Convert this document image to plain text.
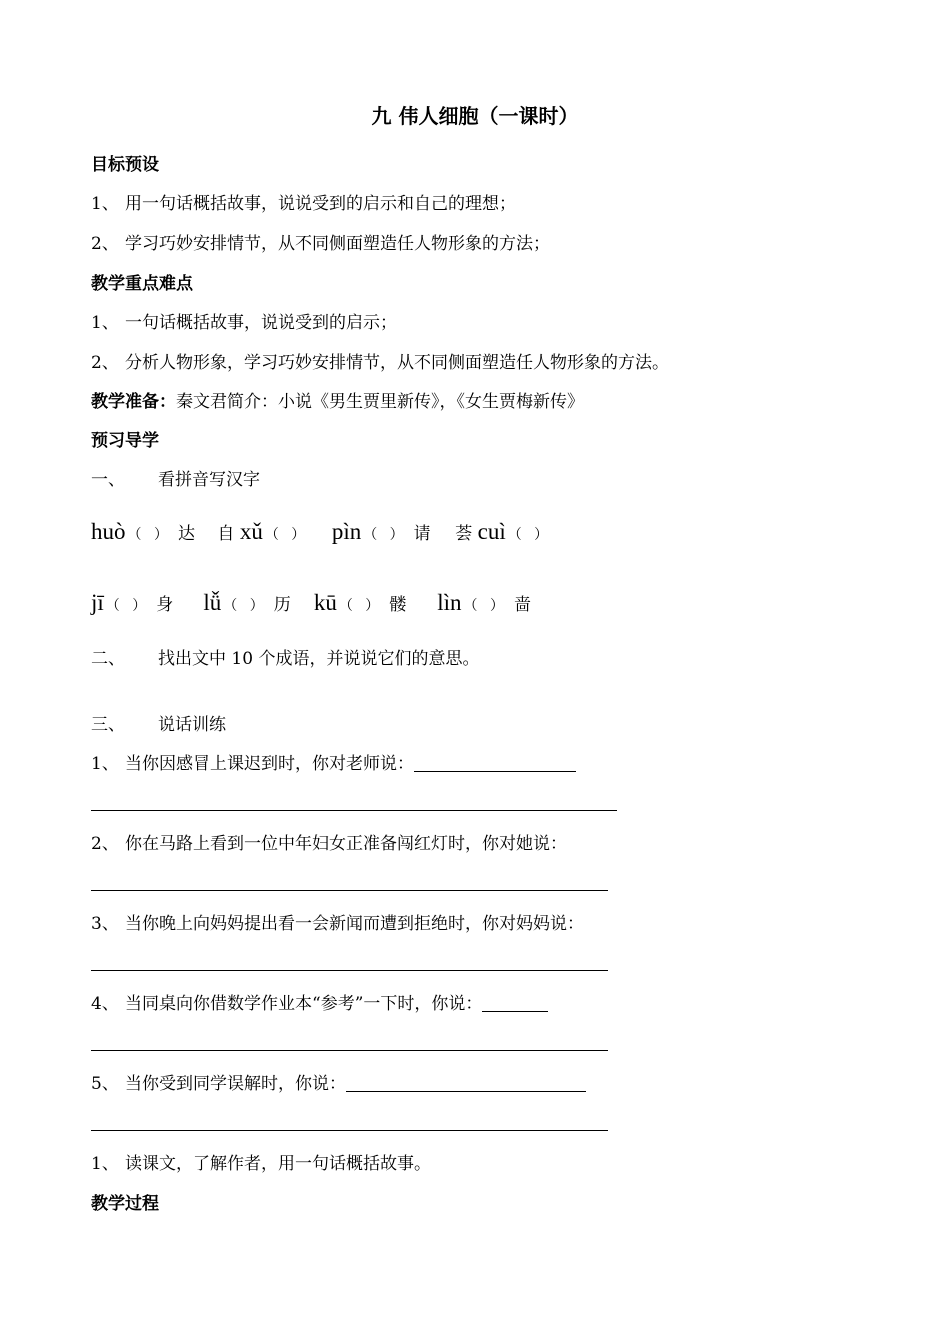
九 伟人细胞（一课时）
目标预设
1、 用一句话概括故事，说说受到的启示和自己的理想；
2、 学习巧妙安排情节，从不同侧面塑造任人物形象的方法；
教学重点难点
1、 一句话概括故事，说说受到的启示；
2、 分析人物形象，学习巧妙安排情节，从不同侧面塑造任人物形象的方法。
教学准备：秦文君简介：小说《男生贾里新传》，《女生贾梅新传》
预习导学
一、 看拼音写汉字
huò （ ） 达 自 xǔ （ ） pìn （ ） 请 荟 cuì （ ）
jī （ ） 身 lǚ （ ） 历 kū （ ） 髅 lìn （ ） 啬
二、 找出文中 10 个成语，并说说它们的意思。
三、 说话训练
1、 当你因感冒上课迟到时，你对老师说：
2、 你在马路上看到一位中年妇女正准备闯红灯时，你对她说：
3、 当你晚上向妈妈提出看一会新闻而遭到拒绝时，你对妈妈说：
4、 当同桌向你借数学作业本“参考”一下时，你说：
5、 当你受到同学误解时，你说：
1、 读课文，了解作者，用一句话概括故事。
教学过程
